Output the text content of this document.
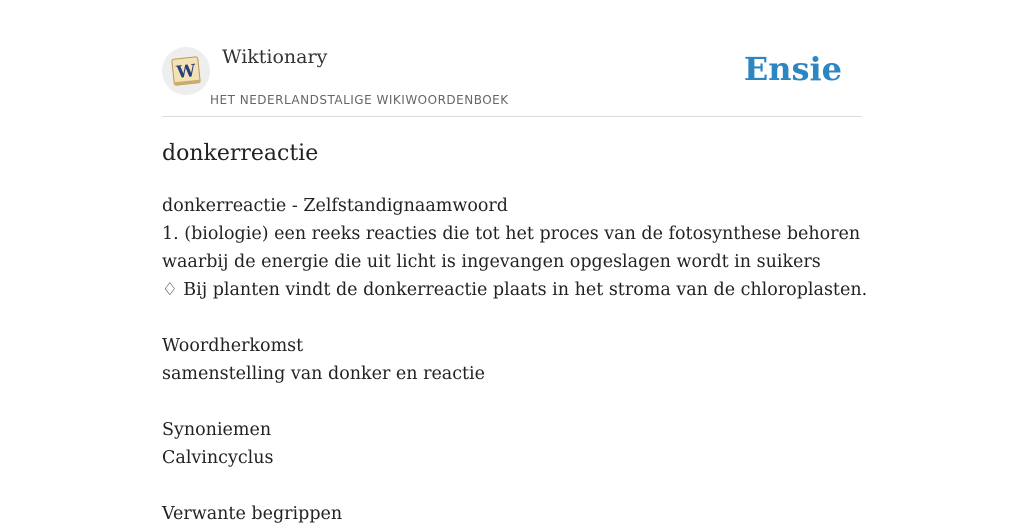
W
Wiktionary
HET NEDERLANDSTALIGE WIKIWOORDENBOEK
Ensie
donkerreactie
donkerreactie - Zelfstandignaamwoord
1. (biologie) een reeks reacties die tot het proces van de fotosynthese behoren
waarbij de energie die uit licht is ingevangen opgeslagen wordt in suikers
♢ Bij planten vindt de donkerreactie plaats in het stroma van de chloroplasten.
Woordherkomst
samenstelling van donker en reactie
Synoniemen
Calvincyclus
Verwante begrippen
